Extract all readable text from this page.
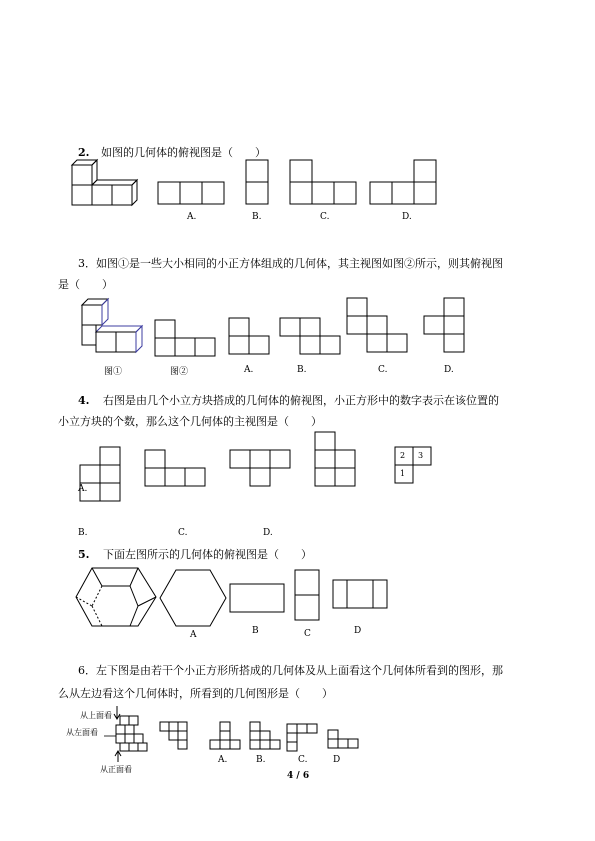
2. 如图的几何体的俯视图是（　　）
A.	B.	C.	D.
3．如图①是一些大小相同的小正方体组成的几何体，其主视图如图②所示，则其俯视图
是（　　）
图①	图②	A.	B.	C.	D.
4. 右图是由几个小立方块搭成的几何体的俯视图，小正方形中的数字表示在该位置的
小立方块的个数，那么这个几何体的主视图是（　　）
2 3
1
A.
B.	C.	D.
5. 下面左图所示的几何体的俯视图是（　　）
A	B	C	D
6．左下图是由若干个小正方形所搭成的几何体及从上面看这个几何体所看到的图形，那
么从左边看这个几何体时，所看到的几何图形是（　　）
从上面看
从左面看
从正面看
A.	B.	C.	D
4 / 6
